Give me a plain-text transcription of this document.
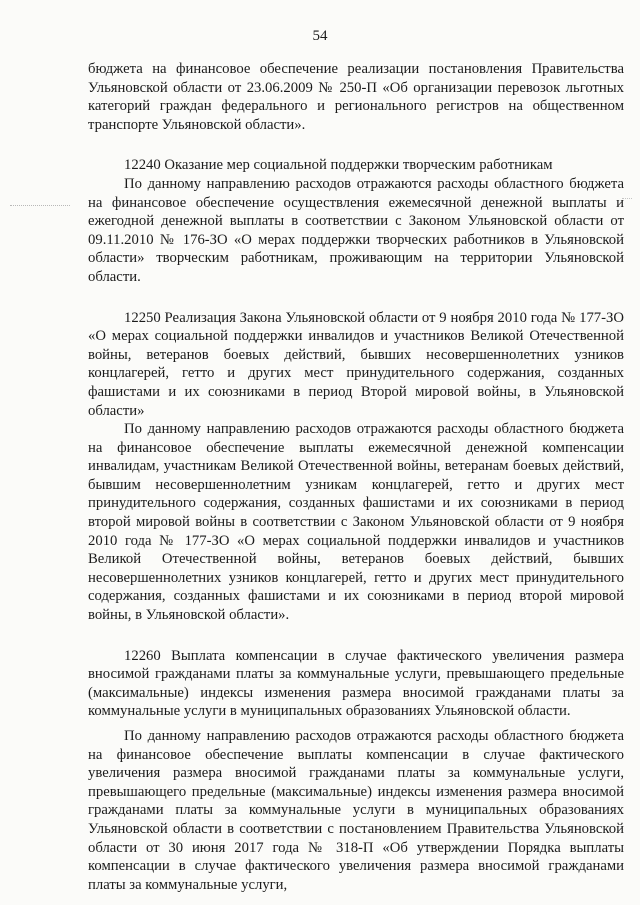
54

бюджета на финансовое обеспечение реализации постановления Правительства Ульяновской области от 23.06.2009 № 250-П «Об организации перевозок льготных категорий граждан федерального и регионального регистров на общественном транспорте Ульяновской области».

12240 Оказание мер социальной поддержки творческим работникам

По данному направлению расходов отражаются расходы областного бюджета на финансовое обеспечение осуществления ежемесячной денежной выплаты и ежегодной денежной выплаты в соответствии с Законом Ульяновской области от 09.11.2010 № 176-ЗО «О мерах поддержки творческих работников в Ульяновской области» творческим работникам, проживающим на территории Ульяновской области.

12250 Реализация Закона Ульяновской области от 9 ноября 2010 года № 177-ЗО «О мерах социальной поддержки инвалидов и участников Великой Отечественной войны, ветеранов боевых действий, бывших несовершеннолетних узников концлагерей, гетто и других мест принудительного содержания, созданных фашистами и их союзниками в период Второй мировой войны, в Ульяновской области»

По данному направлению расходов отражаются расходы областного бюджета на финансовое обеспечение выплаты ежемесячной денежной компенсации инвалидам, участникам Великой Отечественной войны, ветеранам боевых действий, бывшим несовершеннолетним узникам концлагерей, гетто и других мест принудительного содержания, созданных фашистами и их союзниками в период второй мировой войны в соответствии с Законом Ульяновской области от 9 ноября 2010 года № 177-ЗО «О мерах социальной поддержки инвалидов и участников Великой Отечественной войны, ветеранов боевых действий, бывших несовершеннолетних узников концлагерей, гетто и других мест принудительного содержания, созданных фашистами и их союзниками в период второй мировой войны, в Ульяновской области».

12260 Выплата компенсации в случае фактического увеличения размера вносимой гражданами платы за коммунальные услуги, превышающего предельные (максимальные) индексы изменения размера вносимой гражданами платы за коммунальные услуги в муниципальных образованиях Ульяновской области.

По данному направлению расходов отражаются расходы областного бюджета на финансовое обеспечение выплаты компенсации в случае фактического увеличения размера вносимой гражданами платы за коммунальные услуги, превышающего предельные (максимальные) индексы изменения размера вносимой гражданами платы за коммунальные услуги в муниципальных образованиях Ульяновской области в соответствии с постановлением Правительства Ульяновской области от 30 июня 2017 года № 318-П «Об утверждении Порядка выплаты компенсации в случае фактического увеличения размера вносимой гражданами платы за коммунальные услуги,
